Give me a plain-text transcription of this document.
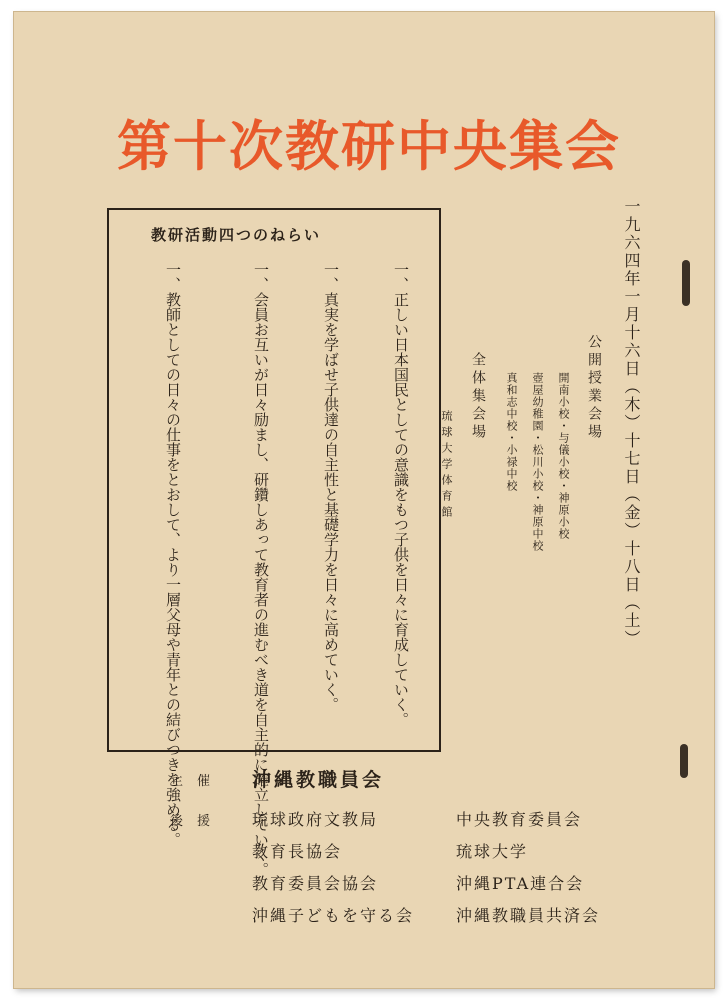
第十次教研中央集会
教研活動四つのねらい
一、正しい日本国民としての意識をもつ子供を日々に育成していく。
一、真実を学ばせ子供達の自主性と基礎学力を日々に高めていく。
一、会員お互いが日々励まし、研鑽しあって教育者の進むべき道を自主的に確立していく。
一、教師としての日々の仕事をとおして、より一層父母や青年との結びつきを強める。	一九六四年一月十六日（木）十七日（金）十八日（土）
公開授業会場
開南小校・与儀小校・神原小校
壺屋幼稚園・松川小校・神原中校
真和志中校・小禄中校
全体集会場
琉球大学体育館
主催 沖縄教職員会
後援 琉球政府文教局	中央教育委員会
教育長協会	琉球大学
教育委員会協会	沖縄PTA連合会
沖縄子どもを守る会	沖縄教職員共済会
